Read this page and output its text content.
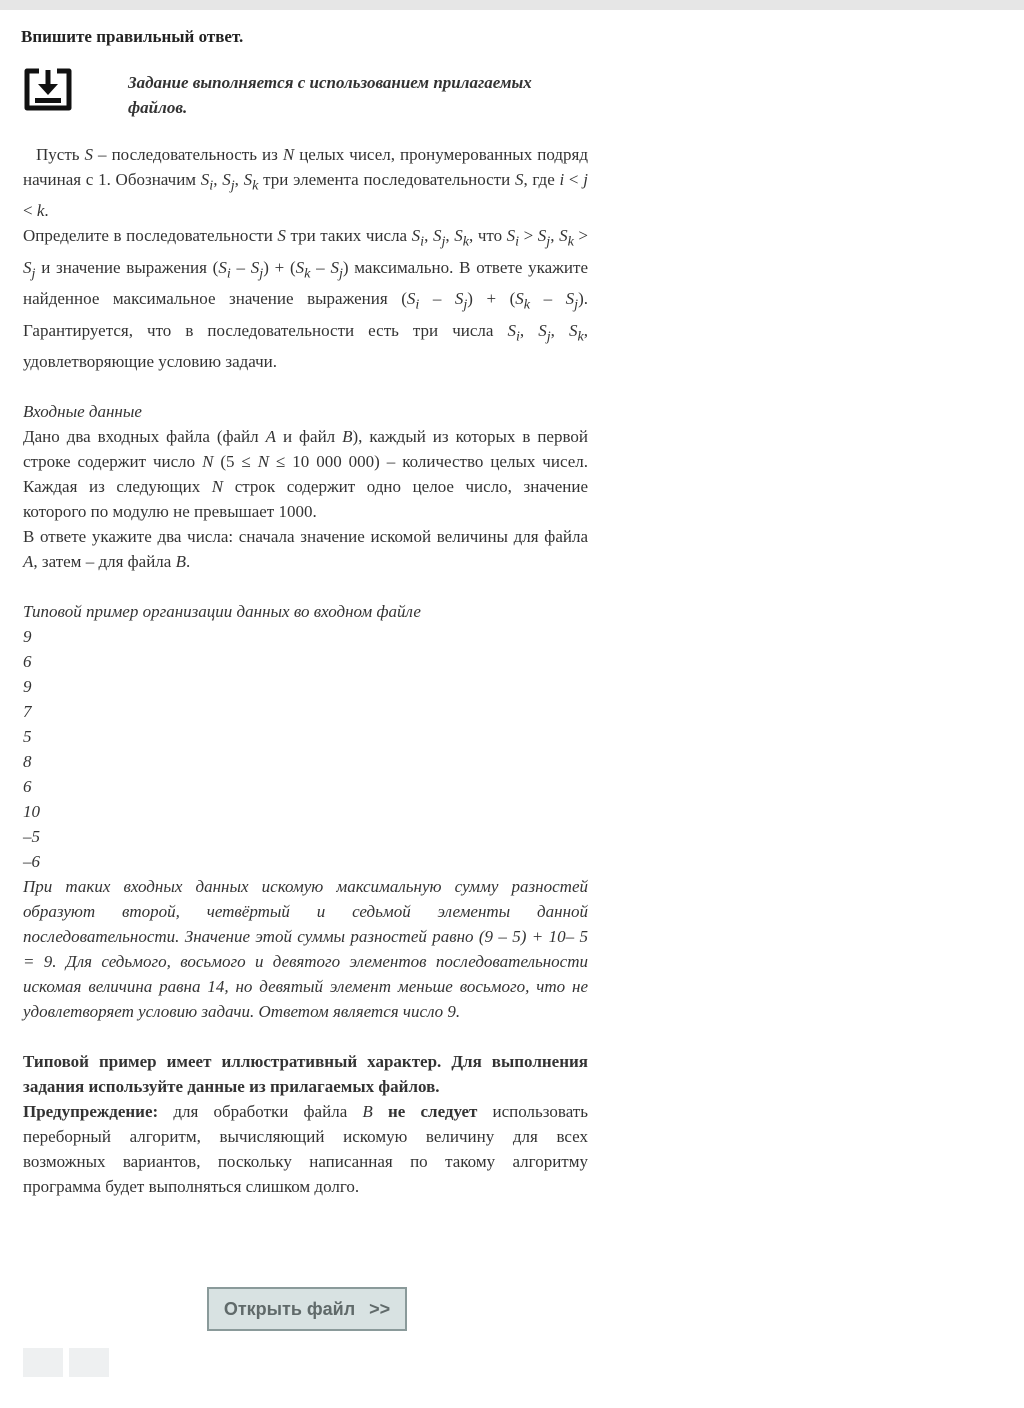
Впишите правильный ответ.
Задание выполняется с использованием прилагаемых файлов.

Пусть S – последовательность из N целых чисел, пронумерованных подряд начиная с 1. Обозначим $S_i$, $S_j$, $S_k$ три элемента последовательности S, где i < j < k.

Определите в последовательности S три таких числа $S_i$, $S_j$, $S_k$, что $S_i > S_j$, $S_k > S_j$ и значение выражения $(S_i - S_j) + (S_k - S_j)$ максимально. В ответе укажите найденное максимальное значение выражения $(S_i - S_j) + (S_k - S_j)$. Гарантируется, что в последовательности есть три числа $S_i$, $S_j$, $S_k$, удовлетворяющие условию задачи.

Входные данные

Дано два входных файла (файл A и файл B), каждый из которых в первой строке содержит число N (5 ≤ N ≤ 10 000 000) – количество целых чисел. Каждая из следующих N строк содержит одно целое число, значение которого по модулю не превышает 1000.

В ответе укажите два числа: сначала значение искомой величины для файла A, затем – для файла B.

Типовой пример организации данных во входном файле

9
6
9
7
5
8
6
10
–5
–6

При таких входных данных искомую максимальную сумму разностей образуют второй, четвёртый и седьмой элементы данной последовательности. Значение этой суммы разностей равно (9 – 5) + 10– 5 = 9. Для седьмого, восьмого и девятого элементов последовательности искомая величина равна 14, но девятый элемент меньше восьмого, что не удовлетворяет условию задачи. Ответом является число 9.

Типовой пример имеет иллюстративный характер. Для выполнения задания используйте данные из прилагаемых файлов.

Предупреждение: для обработки файла B не следует использовать переборный алгоритм, вычисляющий искомую величину для всех возможных вариантов, поскольку написанная по такому алгоритму программа будет выполняться слишком долго.

Открыть файл >>
